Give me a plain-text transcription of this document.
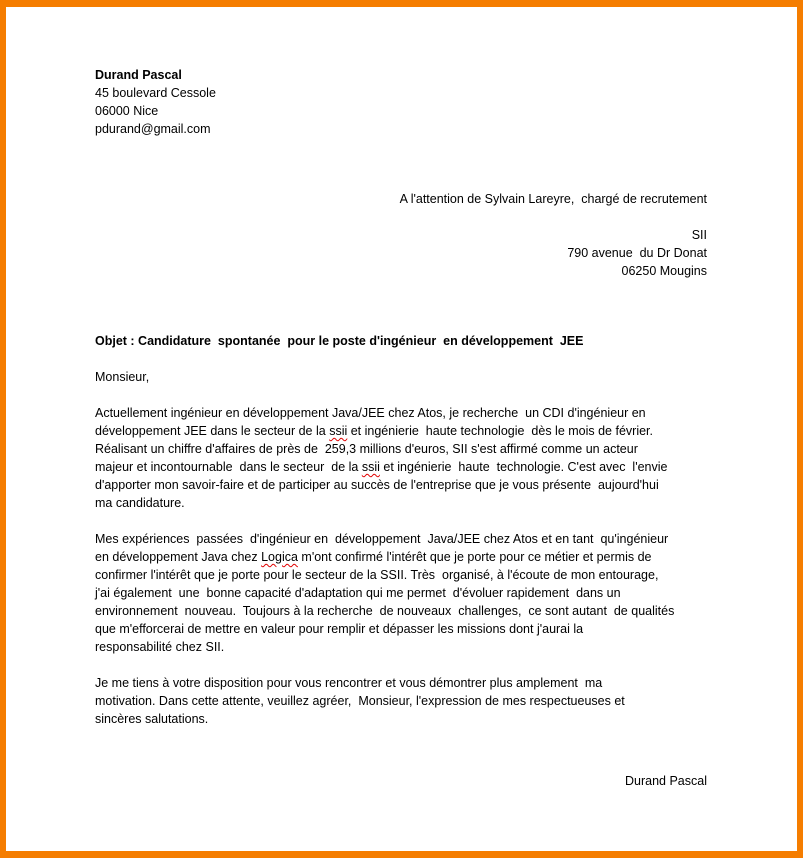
Durand Pascal
45 boulevard Cessole
06000 Nice
pdurand@gmail.com
A l'attention de Sylvain Lareyre,  chargé de recrutement
SII
790 avenue  du Dr Donat
06250 Mougins
Objet : Candidature  spontanée  pour le poste d'ingénieur  en développement  JEE
Monsieur,
Actuellement ingénieur en développement Java/JEE chez Atos, je recherche  un CDI d'ingénieur en
développement JEE dans le secteur de la ssii et ingénierie  haute technologie  dès le mois de février.
Réalisant un chiffre d'affaires de près de  259,3 millions d'euros, SII s'est affirmé comme un acteur
majeur et incontournable  dans le secteur  de la ssii et ingénierie  haute  technologie. C'est avec  l'envie
d'apporter mon savoir-faire et de participer au succès de l'entreprise que je vous présente  aujourd'hui
ma candidature.
Mes expériences  passées  d'ingénieur en  développement  Java/JEE chez Atos et en tant  qu'ingénieur
en développement Java chez Logica m'ont confirmé l'intérêt que je porte pour ce métier et permis de
confirmer l'intérêt que je porte pour le secteur de la SSII. Très  organisé, à l'écoute de mon entourage,
j'ai également  une  bonne capacité d'adaptation qui me permet  d'évoluer rapidement  dans un
environnement  nouveau.  Toujours à la recherche  de nouveaux  challenges,  ce sont autant  de qualités
que m'efforcerai de mettre en valeur pour remplir et dépasser les missions dont j'aurai la
responsabilité chez SII.
Je me tiens à votre disposition pour vous rencontrer et vous démontrer plus amplement  ma
motivation. Dans cette attente, veuillez agréer,  Monsieur, l'expression de mes respectueuses et
sincères salutations.
Durand Pascal
